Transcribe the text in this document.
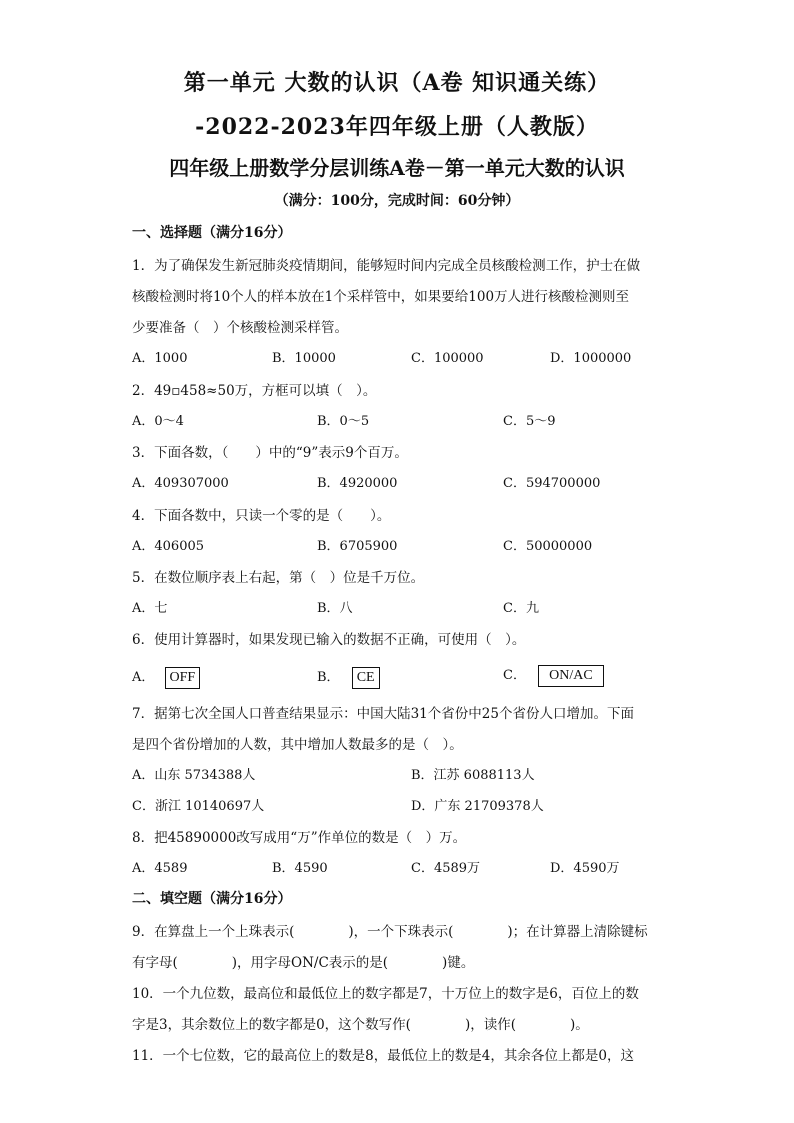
第一单元 大数的认识（A卷 知识通关练）
-2022-2023年四年级上册（人教版）
四年级上册数学分层训练A卷－第一单元大数的认识
（满分：100分，完成时间：60分钟）
一、选择题（满分16分）
1．为了确保发生新冠肺炎疫情期间，能够短时间内完成全员核酸检测工作，护士在做
核酸检测时将10个人的样本放在1个采样管中，如果要给100万人进行核酸检测则至
少要准备（　）个核酸检测采样管。
A．1000	B．10000	C．100000	D．1000000
2．49▫458≈50万，方框可以填（　）。
A．0～4	B．0～5	C．5～9
3．下面各数，（　　）中的“9”表示9个百万。
A．409307000	B．4920000	C．594700000
4．下面各数中，只读一个零的是（　　）。
A．406005	B．6705900	C．50000000
5．在数位顺序表上右起，第（　）位是千万位。
A．七	B．八	C．九
6．使用计算器时，如果发现已输入的数据不正确，可使用（　）。
A． OFF	B． CE	C． ON/AC
7．据第七次全国人口普查结果显示：中国大陆31个省份中25个省份人口增加。下面
是四个省份增加的人数，其中增加人数最多的是（　）。
A．山东 5734388人	B．江苏 6088113人
C．浙江 10140697人	D．广东 21709378人
8．把45890000改写成用“万”作单位的数是（　）万。
A．4589	B．4590	C．4589万	D．4590万
二、填空题（满分16分）
9．在算盘上一个上珠表示(　　　　)，一个下珠表示(　　　　)；在计算器上清除键标
有字母(　　　　)，用字母ON/C表示的是(　　　　)键。
10．一个九位数，最高位和最低位上的数字都是7，十万位上的数字是6，百位上的数
字是3，其余数位上的数字都是0，这个数写作(　　　　)，读作(　　　　)。
11．一个七位数，它的最高位上的数是8，最低位上的数是4，其余各位上都是0，这
